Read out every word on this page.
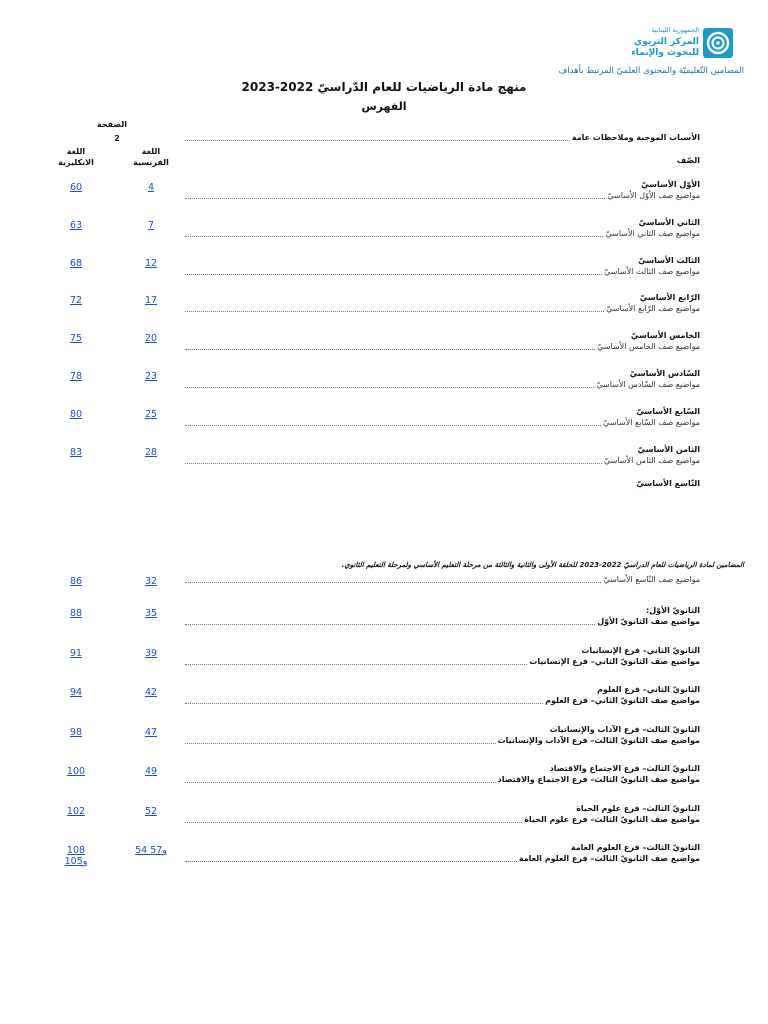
الجمهورية اللبنانية
المركز التربوي
للبحوث والإنماء
المضامين التّعليميّة والمحتوى العلميّ المرتبط بأهداف
منهج مادة الرياضيات للعام الدّراسيّ 2022-2023
الفهرس
الصفحة
2
اللغة
الفرنسية
اللغة
الانكليزية
الأسباب الموجبة وملاحظات عامة
الصّف
الأوّل الأساسيّ
مواضيع صف الأوّل الأساسيّ
4
60
الثاني الأساسيّ
مواضيع صف الثاني الأساسيّ
7
63
الثالث الأساسيّ
مواضيع صف الثالث الأساسيّ
12
68
الرّابع الأساسيّ
مواضيع صف الرّابع الأساسيّ
17
72
الخامس الأساسيّ
مواضيع صف الخامس الأساسيّ
20
75
السّادس الأساسيّ
مواضيع صف السّادس الأساسيّ
23
78
السّابع الأساسيّ
مواضيع صف السّابع الأساسيّ
25
80
الثامن الأساسيّ
مواضيع صف الثامن الأساسيّ
28
83
التّاسع الأساسيّ
المضامين لمادة الرياضيات للعام الدراسيّ 2022-2023 للحلقة الأولى والثانية والثالثة من مرحلة التعليم الأساسي ولمرحلة التعليم الثانوي.
مواضيع صف التّاسع الأساسيّ
32
86
الثانويّ الأوّل:
مواضيع صف الثانويّ الأوّل
35
88
الثانويّ الثاني– فرع الإنسانيات
مواضيع صف الثانويّ الثاني– فرع الإنسانيات
39
91
الثانويّ الثاني– فرع العلوم
مواضيع صف الثانويّ الثاني– فرع العلوم
42
94
الثانويّ الثالث– فرع الآداب والإنسانيات
مواضيع صف الثانويّ الثالث– فرع الآداب والإنسانيات
47
98
الثانويّ الثالث– فرع الاجتماع والاقتصاد
مواضيع صف الثانويّ الثالث– فرع الاجتماع والاقتصاد
49
100
الثانويّ الثالث– فرع علوم الحياة
مواضيع صف الثانويّ الثالث– فرع علوم الحياة
52
102
الثانويّ الثالث– فرع العلوم العامة
مواضيع صف الثانويّ الثالث– فرع العلوم العامة
54 و57
108 و105
